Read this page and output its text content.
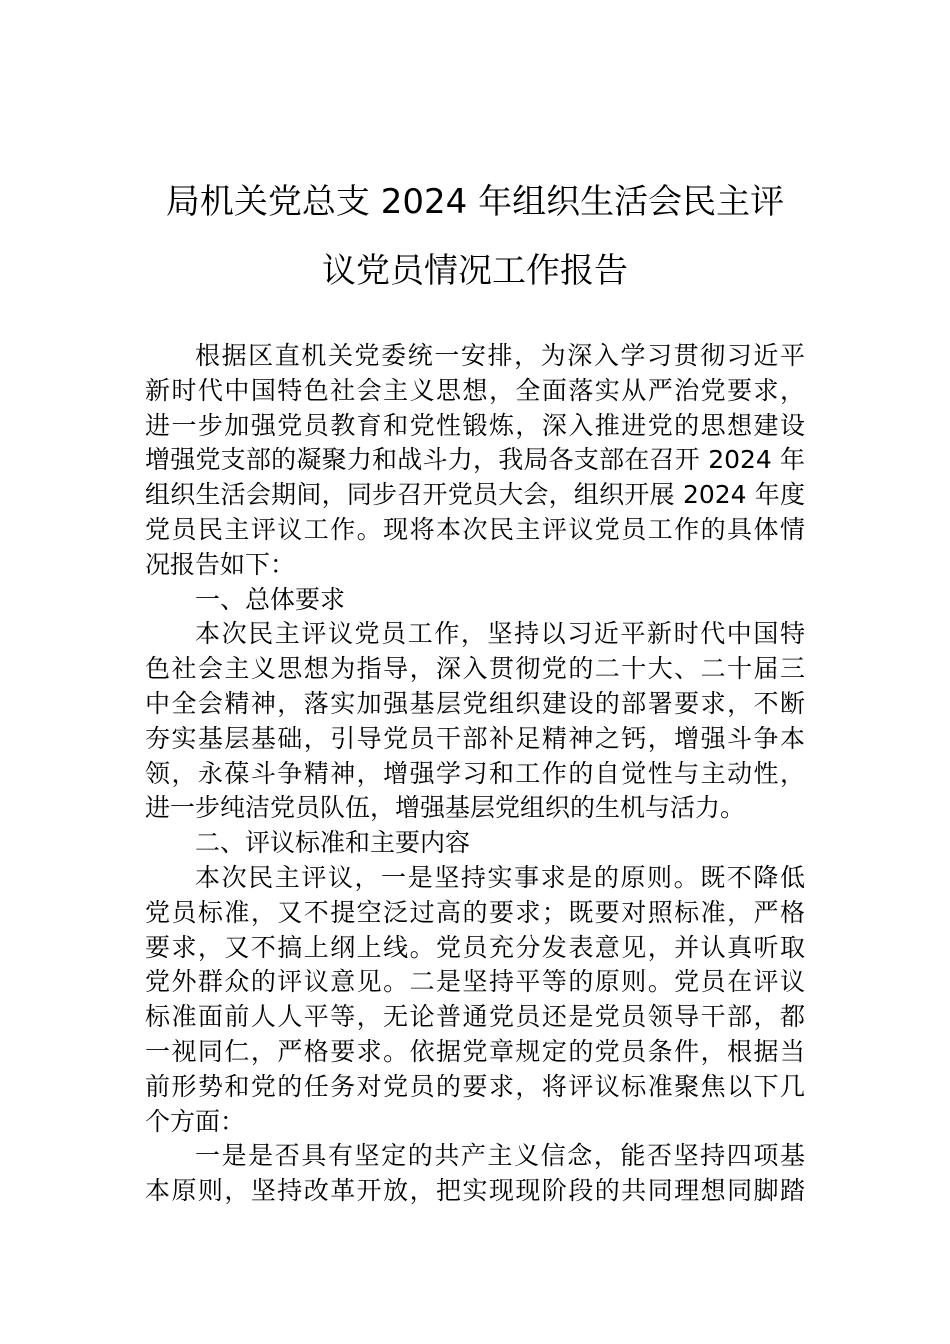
局机关党总支 2024 年组织生活会民主评
议党员情况工作报告
根据区直机关党委统一安排，为深入学习贯彻习近平
新时代中国特色社会主义思想，全面落实从严治党要求，
进一步加强党员教育和党性锻炼，深入推进党的思想建设
增强党支部的凝聚力和战斗力，我局各支部在召开 2024 年
组织生活会期间，同步召开党员大会，组织开展 2024 年度
党员民主评议工作。现将本次民主评议党员工作的具体情
况报告如下：
一、总体要求
本次民主评议党员工作，坚持以习近平新时代中国特
色社会主义思想为指导，深入贯彻党的二十大、二十届三
中全会精神，落实加强基层党组织建设的部署要求，不断
夯实基层基础，引导党员干部补足精神之钙，增强斗争本
领，永葆斗争精神，增强学习和工作的自觉性与主动性，
进一步纯洁党员队伍，增强基层党组织的生机与活力。
二、评议标准和主要内容
本次民主评议，一是坚持实事求是的原则。既不降低
党员标准，又不提空泛过高的要求；既要对照标准，严格
要求，又不搞上纲上线。党员充分发表意见，并认真听取
党外群众的评议意见。二是坚持平等的原则。党员在评议
标准面前人人平等，无论普通党员还是党员领导干部，都
一视同仁，严格要求。依据党章规定的党员条件，根据当
前形势和党的任务对党员的要求，将评议标准聚焦以下几
个方面：
一是是否具有坚定的共产主义信念，能否坚持四项基
本原则，坚持改革开放，把实现现阶段的共同理想同脚踏
